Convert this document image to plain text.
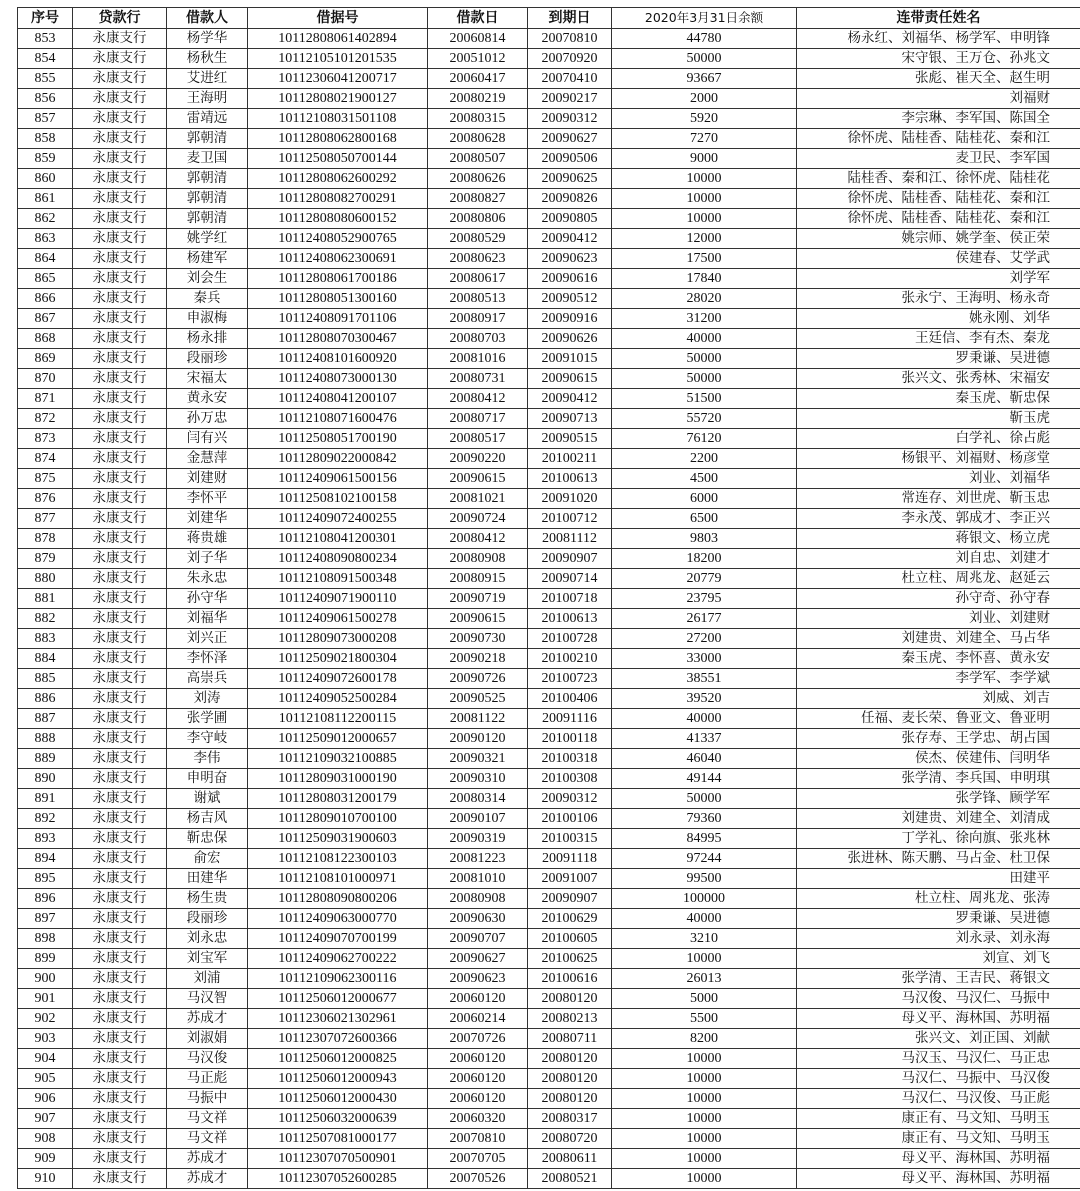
序号	贷款行	借款人	借据号	借款日	到期日	2020年3月31日余额	连带责任姓名
853	永康支行	杨学华	10112808061402894	20060814	20070810	44780	杨永红、刘福华、杨学军、申明锋
854	永康支行	杨秋生	10112105101201535	20051012	20070920	50000	宋守银、王万仓、孙兆文
855	永康支行	艾进红	10112306041200717	20060417	20070410	93667	张彪、崔天全、赵生明
856	永康支行	王海明	10112808021900127	20080219	20090217	2000	刘福财
857	永康支行	雷靖远	10112108031501108	20080315	20090312	5920	李宗琳、李军国、陈国全
858	永康支行	郭朝清	10112808062800168	20080628	20090627	7270	徐怀虎、陆桂香、陆桂花、秦和江
859	永康支行	麦卫国	10112508050700144	20080507	20090506	9000	麦卫民、李军国
860	永康支行	郭朝清	10112808062600292	20080626	20090625	10000	陆桂香、秦和江、徐怀虎、陆桂花
861	永康支行	郭朝清	10112808082700291	20080827	20090826	10000	徐怀虎、陆桂香、陆桂花、秦和江
862	永康支行	郭朝清	10112808080600152	20080806	20090805	10000	徐怀虎、陆桂香、陆桂花、秦和江
863	永康支行	姚学红	10112408052900765	20080529	20090412	12000	姚宗师、姚学奎、侯正荣
864	永康支行	杨建军	10112408062300691	20080623	20090623	17500	侯建春、艾学武
865	永康支行	刘会生	10112808061700186	20080617	20090616	17840	刘学军
866	永康支行	秦兵	10112808051300160	20080513	20090512	28020	张永宁、王海明、杨永奇
867	永康支行	申淑梅	10112408091701106	20080917	20090916	31200	姚永刚、刘华
868	永康支行	杨永排	10112808070300467	20080703	20090626	40000	王廷信、李有杰、秦龙
869	永康支行	段丽珍	10112408101600920	20081016	20091015	50000	罗秉谦、吴进德
870	永康支行	宋福太	10112408073000130	20080731	20090615	50000	张兴文、张秀林、宋福安
871	永康支行	黄永安	10112408041200107	20080412	20090412	51500	秦玉虎、靳忠保
872	永康支行	孙万忠	10112108071600476	20080717	20090713	55720	靳玉虎
873	永康支行	闫有兴	10112508051700190	20080517	20090515	76120	白学礼、徐占彪
874	永康支行	金慧萍	10112809022000842	20090220	20100211	2200	杨银平、刘福财、杨彦堂
875	永康支行	刘建财	10112409061500156	20090615	20100613	4500	刘业、刘福华
876	永康支行	李怀平	10112508102100158	20081021	20091020	6000	常连存、刘世虎、靳玉忠
877	永康支行	刘建华	10112409072400255	20090724	20100712	6500	李永茂、郭成才、李正兴
878	永康支行	蒋贵雄	10112108041200301	20080412	20081112	9803	蒋银文、杨立虎
879	永康支行	刘子华	10112408090800234	20080908	20090907	18200	刘自忠、刘建才
880	永康支行	朱永忠	10112108091500348	20080915	20090714	20779	杜立柱、周兆龙、赵延云
881	永康支行	孙守华	10112409071900110	20090719	20100718	23795	孙守奇、孙守春
882	永康支行	刘福华	10112409061500278	20090615	20100613	26177	刘业、刘建财
883	永康支行	刘兴正	10112809073000208	20090730	20100728	27200	刘建贵、刘建全、马占华
884	永康支行	李怀泽	10112509021800304	20090218	20100210	33000	秦玉虎、李怀喜、黄永安
885	永康支行	高崇兵	10112409072600178	20090726	20100723	38551	李学军、李学斌
886	永康支行	刘涛	10112409052500284	20090525	20100406	39520	刘威、刘吉
887	永康支行	张学圃	10112108112200115	20081122	20091116	40000	任福、麦长荣、鲁亚文、鲁亚明
888	永康支行	李守岐	10112509012000657	20090120	20100118	41337	张存寿、王学忠、胡占国
889	永康支行	李伟	10112109032100885	20090321	20100318	46040	侯杰、侯建伟、闫明华
890	永康支行	申明奋	10112809031000190	20090310	20100308	49144	张学清、李兵国、申明琪
891	永康支行	谢斌	10112808031200179	20080314	20090312	50000	张学锋、顾学军
892	永康支行	杨吉风	10112809010700100	20090107	20100106	79360	刘建贵、刘建全、刘清成
893	永康支行	靳忠保	10112509031900603	20090319	20100315	84995	丁学礼、徐向旗、张兆林
894	永康支行	俞宏	10112108122300103	20081223	20091118	97244	张进林、陈天鹏、马占金、杜卫保
895	永康支行	田建华	10112108101000971	20081010	20091007	99500	田建平
896	永康支行	杨生贵	10112808090800206	20080908	20090907	100000	杜立柱、周兆龙、张涛
897	永康支行	段丽珍	10112409063000770	20090630	20100629	40000	罗秉谦、吴进德
898	永康支行	刘永忠	10112409070700199	20090707	20100605	3210	刘永录、刘永海
899	永康支行	刘宝军	10112409062700222	20090627	20100625	10000	刘宣、刘飞
900	永康支行	刘浦	10112109062300116	20090623	20100616	26013	张学清、王吉民、蒋银文
901	永康支行	马汉智	10112506012000677	20060120	20080120	5000	马汉俊、马汉仁、马振中
902	永康支行	苏成才	10112306021302961	20060214	20080213	5500	母义平、海林国、苏明福
903	永康支行	刘淑娟	10112307072600366	20070726	20080711	8200	张兴文、刘正国、刘献
904	永康支行	马汉俊	10112506012000825	20060120	20080120	10000	马汉玉、马汉仁、马正忠
905	永康支行	马正彪	10112506012000943	20060120	20080120	10000	马汉仁、马振中、马汉俊
906	永康支行	马振中	10112506012000430	20060120	20080120	10000	马汉仁、马汉俊、马正彪
907	永康支行	马文祥	10112506032000639	20060320	20080317	10000	康正有、马文知、马明玉
908	永康支行	马文祥	10112507081000177	20070810	20080720	10000	康正有、马文知、马明玉
909	永康支行	苏成才	10112307070500901	20070705	20080611	10000	母义平、海林国、苏明福
910	永康支行	苏成才	10112307052600285	20070526	20080521	10000	母义平、海林国、苏明福
